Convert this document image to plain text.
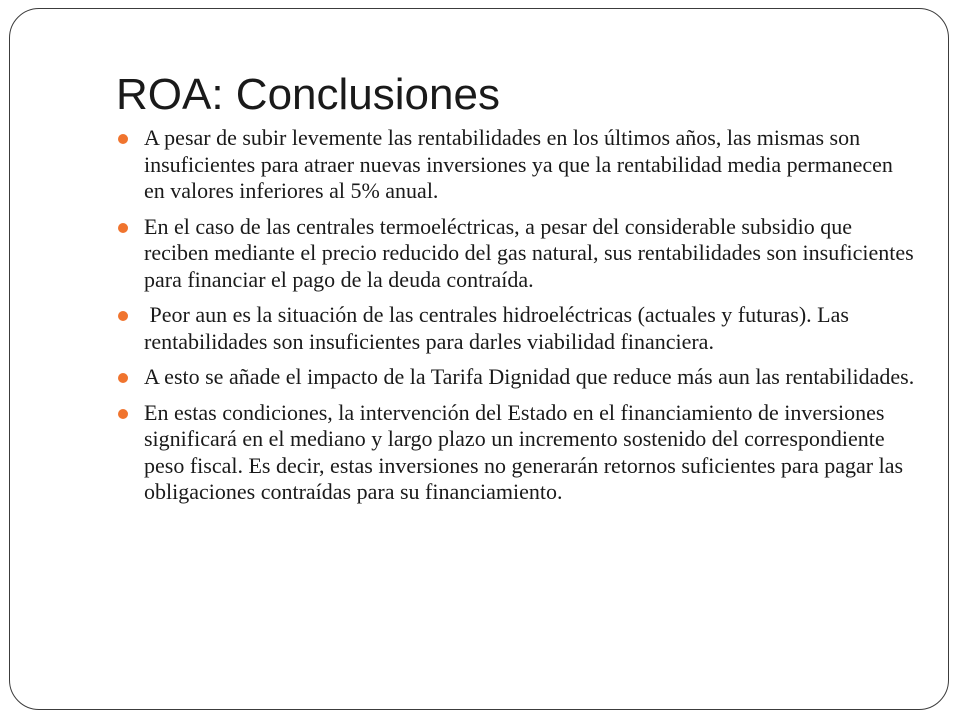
ROA: Conclusiones
A pesar de subir levemente las rentabilidades en los últimos años, las mismas son insuficientes para atraer nuevas inversiones ya que la rentabilidad media permanecen en valores inferiores al 5% anual.
En el caso de las centrales termoeléctricas, a pesar del considerable subsidio que reciben mediante el precio reducido del gas natural, sus rentabilidades son insuficientes para financiar el pago de la deuda contraída.
Peor aun es la situación de las centrales hidroeléctricas (actuales y futuras). Las rentabilidades son insuficientes para darles viabilidad financiera.
A esto se añade el impacto de la Tarifa Dignidad que reduce más aun las rentabilidades.
En estas condiciones, la intervención del Estado en el financiamiento de inversiones significará en el mediano y largo plazo un incremento sostenido del correspondiente peso fiscal. Es decir, estas inversiones no generarán retornos suficientes para pagar las obligaciones contraídas para su financiamiento.
